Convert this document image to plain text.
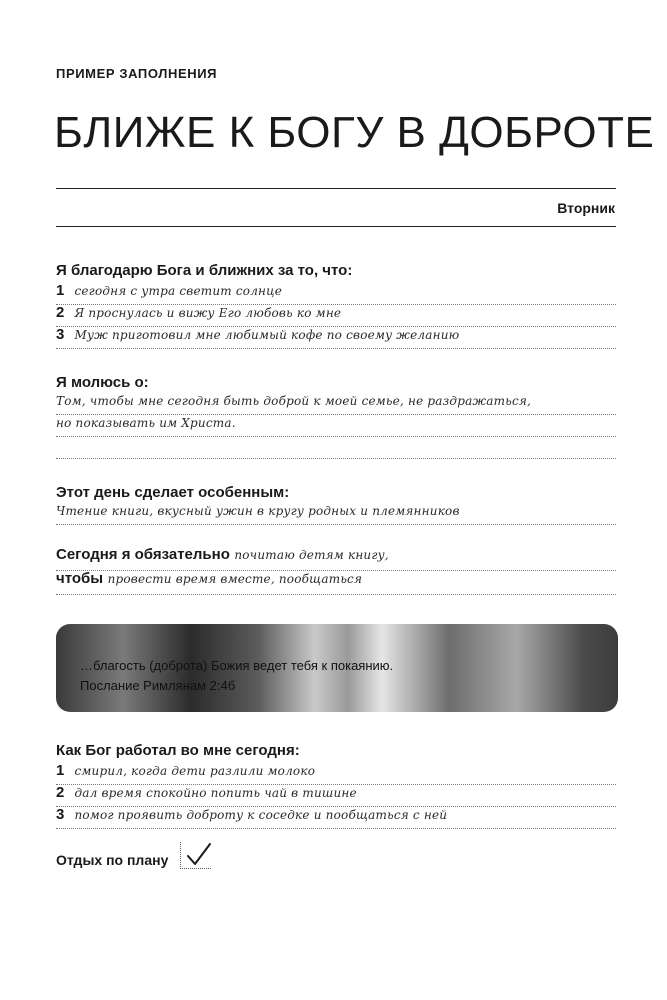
ПРИМЕР ЗАПОЛНЕНИЯ
БЛИЖЕ К БОГУ В ДОБРОТЕ
Вторник
Я благодарю Бога и ближних за то, что:
1 сегодня с утра светит солнце
2 Я проснулась и вижу Его любовь ко мне
3 Муж приготовил мне любимый кофе по своему желанию
Я молюсь о:
Том, чтобы мне сегодня быть доброй к моей семье, не раздражаться,
но показывать им Христа.
Этот день сделает особенным:
Чтение книги, вкусный ужин в кругу родных и племянников
Сегодня я обязательно почитаю детям книгу,
чтобы провести время вместе, пообщаться
…благость (доброта) Божия ведет тебя к покаянию.
Послание Римлянам 2:4б
Как Бог работал во мне сегодня:
1 смирил, когда дети разлили молоко
2 дал время спокойно попить чай в тишине
3 помог проявить доброту к соседке и пообщаться с ней
Отдых по плану
